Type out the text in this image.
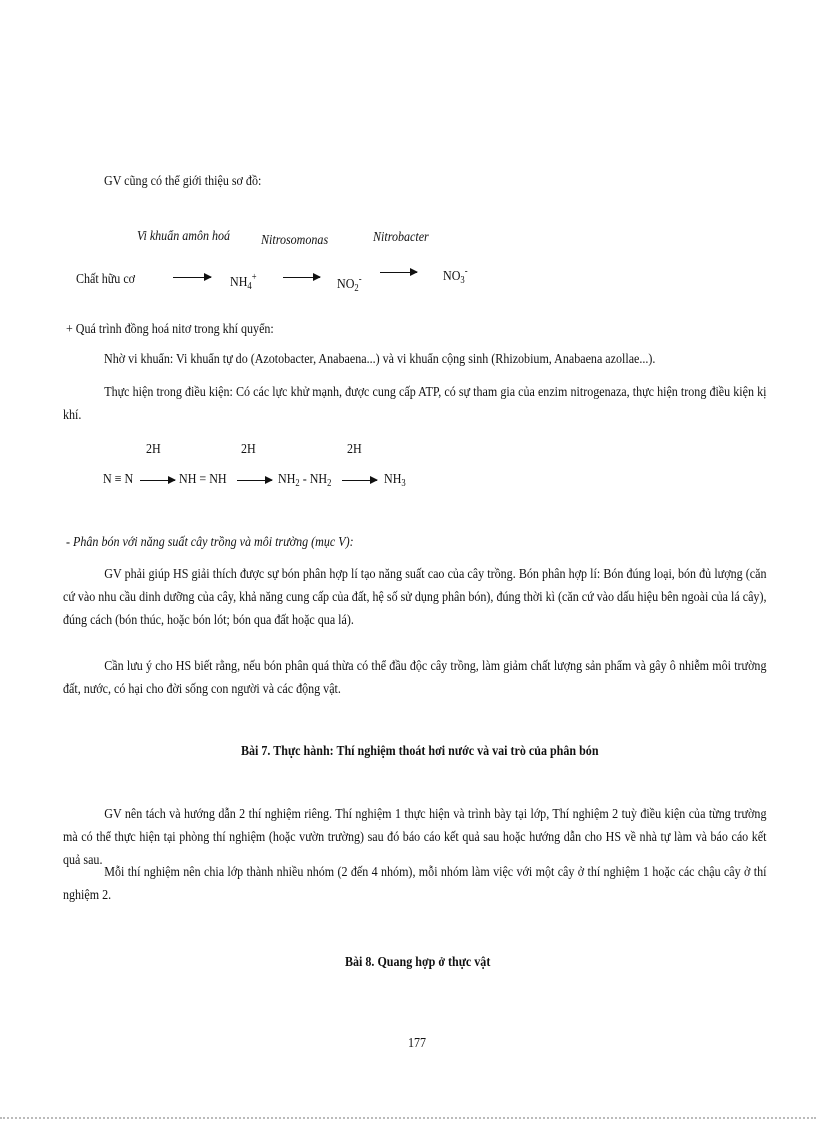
GV cũng có thể giới thiệu sơ đồ:
Vi khuẩn amôn hoá Nitrosomonas	Nitrobacter
Chất hữu cơ	$NH_4^+$	$NO_2^-$	$NO_3^-$
+ Quá trình đồng hoá nitơ trong khí quyển:
Nhờ vi khuẩn: Vi khuẩn tự do (Azotobacter, Anabaena...) và vi khuẩn cộng sinh (Rhizobium, Anabaena azollae...).

Thực hiện trong điều kiện: Có các lực khử mạnh, được cung cấp ATP, có sự tham gia của enzim nitrogenaza, thực hiện trong điều kiện kị khí.

2H	2H	2H
N ≡ N	NH = NH	$NH_2 - NH_2$	$NH_3$
- Phân bón với năng suất cây trồng và môi trường (mục V):

GV phải giúp HS giải thích được sự bón phân hợp lí tạo năng suất cao của cây trồng. Bón phân hợp lí: Bón đúng loại, bón đủ lượng (căn cứ vào nhu cầu dinh dưỡng của cây, khả năng cung cấp của đất, hệ số sử dụng phân bón), đúng thời kì (căn cứ vào dấu hiệu bên ngoài của lá cây), đúng cách (bón thúc, hoặc bón lót; bón qua đất hoặc qua lá).

Cần lưu ý cho HS biết rằng, nếu bón phân quá thừa có thể đầu độc cây trồng, làm giảm chất lượng sản phẩm và gây ô nhiễm môi trường đất, nước, có hại cho đời sống con người và các động vật.

Bài 7. Thực hành: Thí nghiệm thoát hơi nước và vai trò của phân bón

GV nên tách và hướng dẫn 2 thí nghiệm riêng. Thí nghiệm 1 thực hiện và trình bày tại lớp, Thí nghiệm 2 tuỳ điều kiện của từng trường mà có thể thực hiện tại phòng thí nghiệm (hoặc vườn trường) sau đó báo cáo kết quả sau hoặc hướng dẫn cho HS về nhà tự làm và báo cáo kết quả sau.

Mỗi thí nghiệm nên chia lớp thành nhiều nhóm (2 đến 4 nhóm), mỗi nhóm làm việc với một cây ở thí nghiệm 1 hoặc các chậu cây ở thí nghiệm 2.

Bài 8. Quang hợp ở thực vật
177
